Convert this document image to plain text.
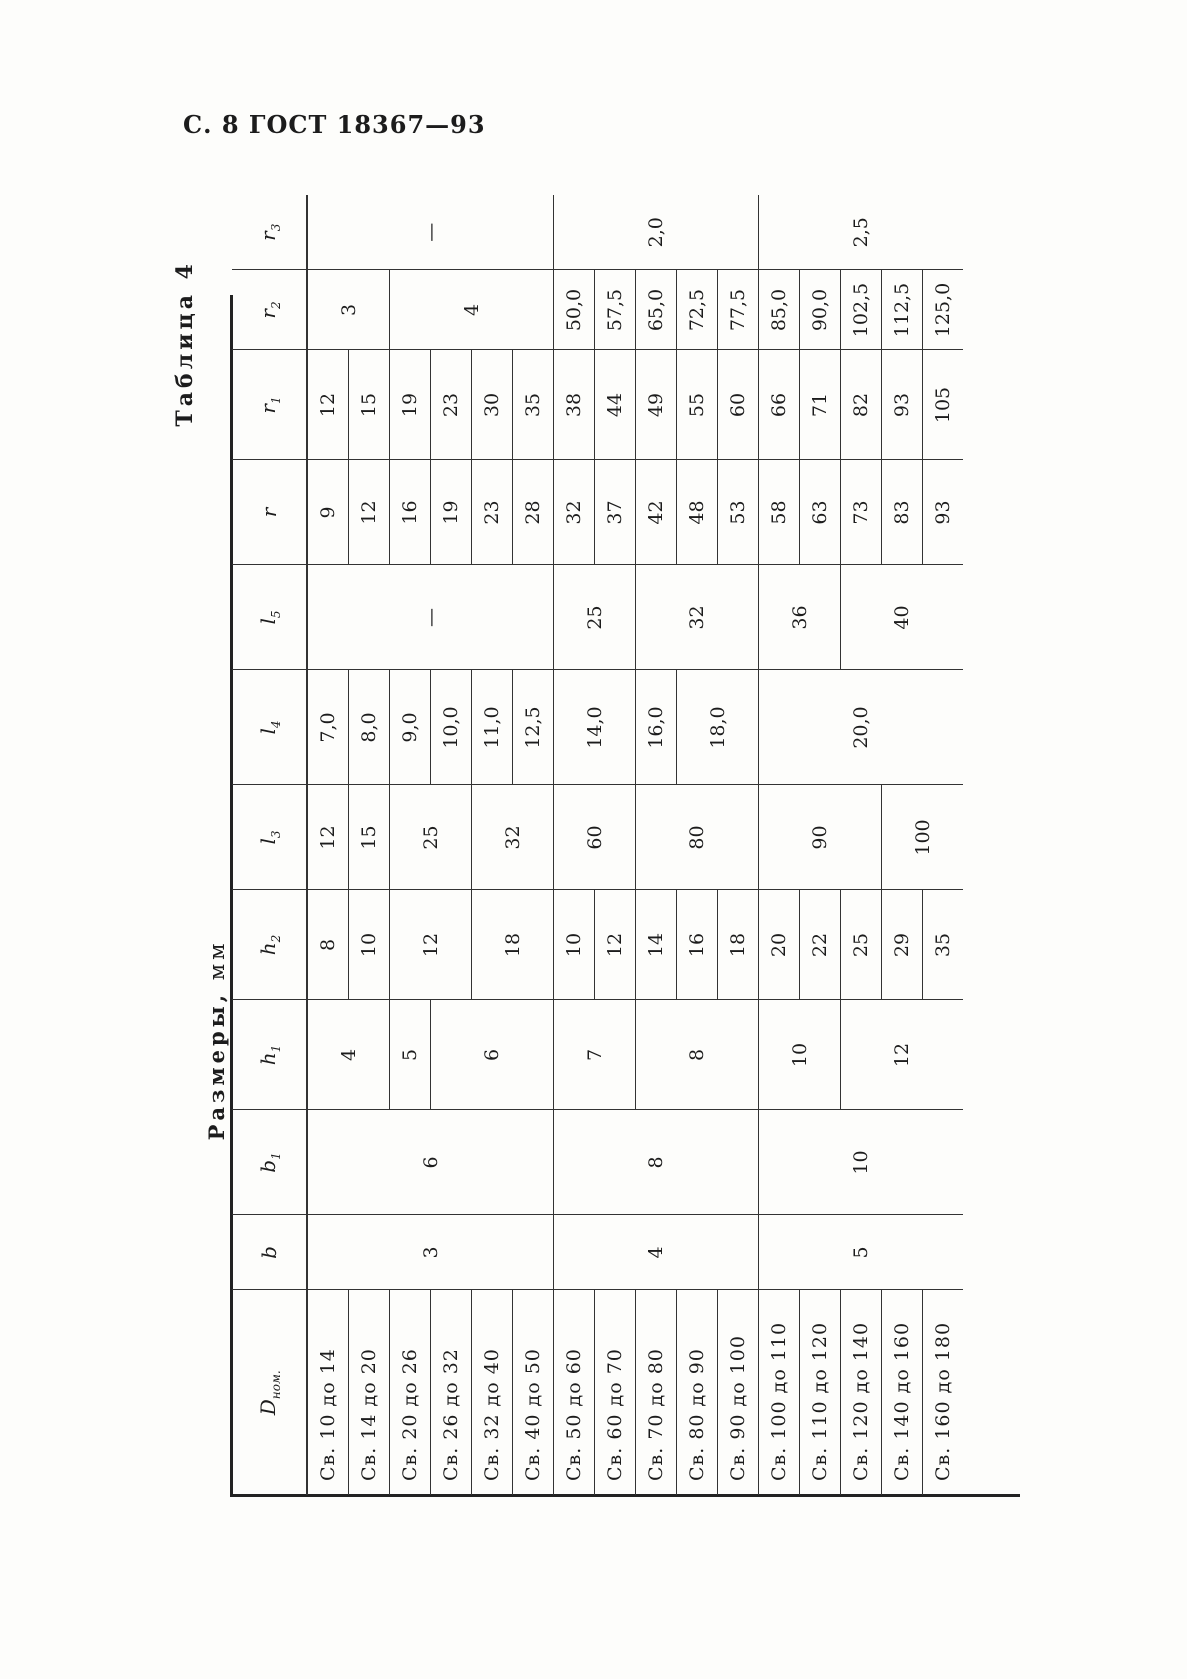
С. 8 ГОСТ 18367—93
Таблица 4
Размеры, мм
$D_{ном.}$	b	$b_1$	$h_1$	$h_2$	$l_3$	$l_4$	$l_5$	r	$r_1$	$r_2$	$r_3$
Св. 10 до 14	3	6	4	8	12	7,0	—	9	12	3	—
Св. 14 до 20				10	15	8,0		12	15		
Св. 20 до 26			5	12	25	9,0		16	19	4	
Св. 26 до 32			6			10,0		19	23		
Св. 32 до 40				18	32	11,0		23	30		
Св. 40 до 50						12,5		28	35		
Св. 50 до 60	4	8	7	10	60	14,0	25	32	38	50,0	2,0
Св. 60 до 70				12				37	44	57,5	
Св. 70 до 80			8	14	80	16,0	32	42	49	65,0	
Св. 80 до 90				16		18,0		48	55	72,5	
Св. 90 до 100				18				53	60	77,5	
Св. 100 до 110	5	10	10	20	90	20,0	36	58	66	85,0	2,5
Св. 110 до 120				22				63	71	90,0	
Св. 120 до 140			12	25			40	73	82	102,5	
Св. 140 до 160				29	100			83	93	112,5	
Св. 160 до 180				35				93	105	125,0	
